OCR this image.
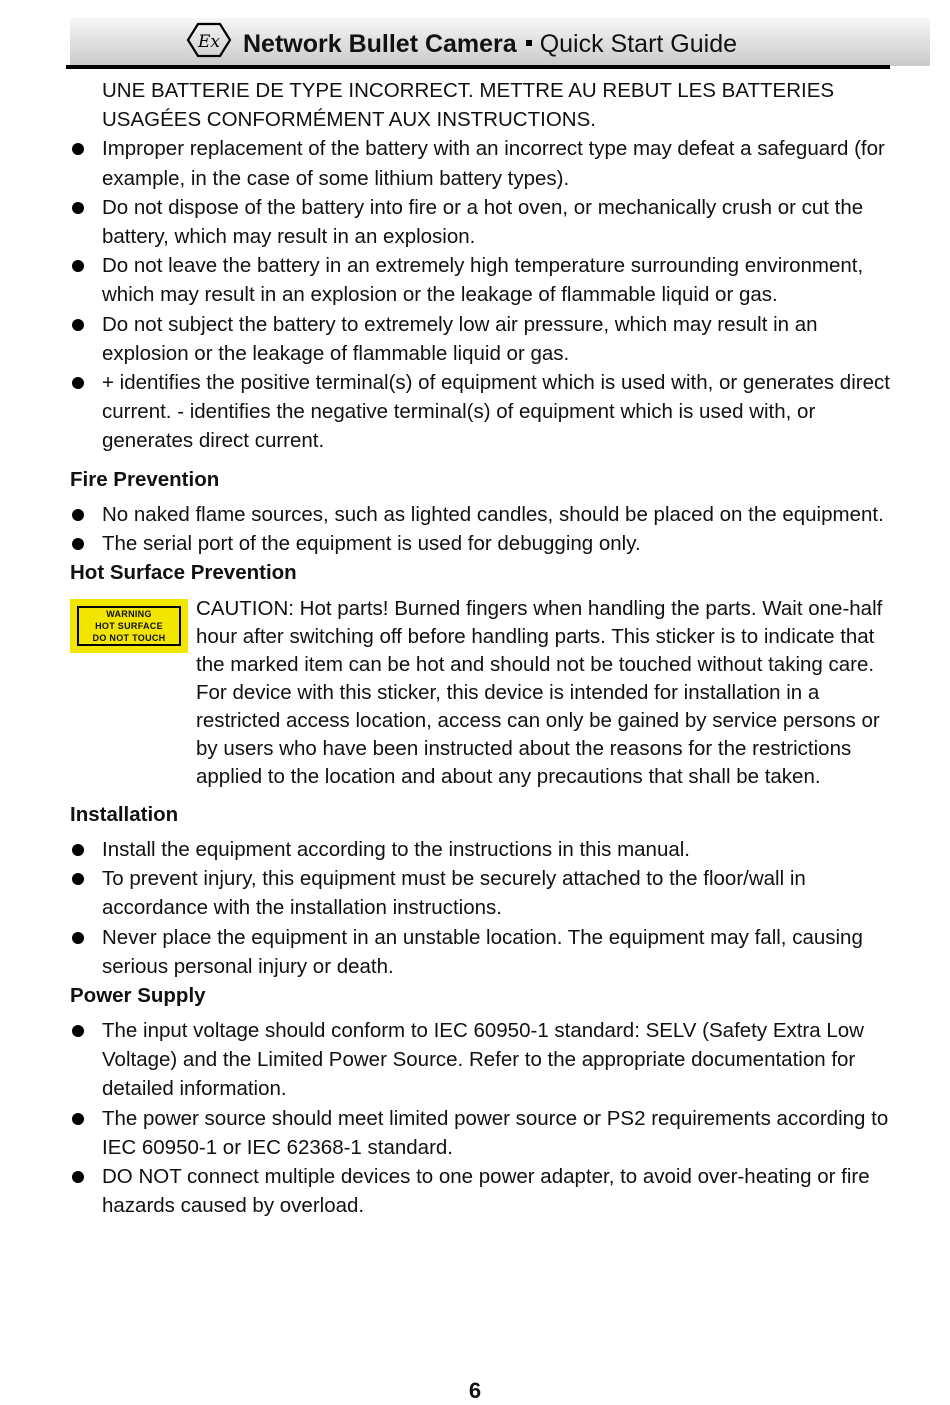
Ex Network Bullet Camera Quick Start Guide
UNE BATTERIE DE TYPE INCORRECT. METTRE AU REBUT LES BATTERIES USAGÉES CONFORMÉMENT AUX INSTRUCTIONS.
Improper replacement of the battery with an incorrect type may defeat a safeguard (for example, in the case of some lithium battery types).
Do not dispose of the battery into fire or a hot oven, or mechanically crush or cut the battery, which may result in an explosion.
Do not leave the battery in an extremely high temperature surrounding environment, which may result in an explosion or the leakage of flammable liquid or gas.
Do not subject the battery to extremely low air pressure, which may result in an explosion or the leakage of flammable liquid or gas.
+ identifies the positive terminal(s) of equipment which is used with, or generates direct current. - identifies the negative terminal(s) of equipment which is used with, or generates direct current.
Fire Prevention
No naked flame sources, such as lighted candles, should be placed on the equipment.
The serial port of the equipment is used for debugging only.
Hot Surface Prevention
WARNING
HOT SURFACE
DO NOT TOUCH
CAUTION: Hot parts! Burned fingers when handling the parts. Wait one-half hour after switching off before handling parts. This sticker is to indicate that the marked item can be hot and should not be touched without taking care. For device with this sticker, this device is intended for installation in a restricted access location, access can only be gained by service persons or by users who have been instructed about the reasons for the restrictions applied to the location and about any precautions that shall be taken.
Installation
Install the equipment according to the instructions in this manual.
To prevent injury, this equipment must be securely attached to the floor/wall in accordance with the installation instructions.
Never place the equipment in an unstable location. The equipment may fall, causing serious personal injury or death.
Power Supply
The input voltage should conform to IEC 60950-1 standard: SELV (Safety Extra Low Voltage) and the Limited Power Source. Refer to the appropriate documentation for detailed information.
The power source should meet limited power source or PS2 requirements according to IEC 60950-1 or IEC 62368-1 standard.
DO NOT connect multiple devices to one power adapter, to avoid over-heating or fire hazards caused by overload.
6
